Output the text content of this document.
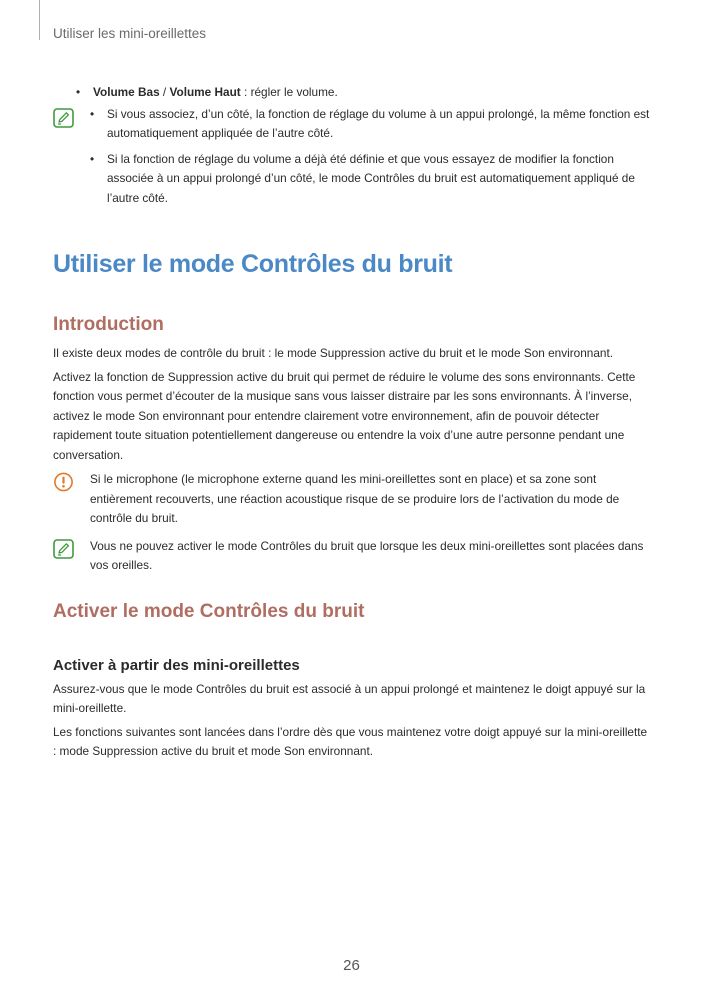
Utiliser les mini-oreillettes

• Volume Bas / Volume Haut : régler le volume.

• Si vous associez, d’un côté, la fonction de réglage du volume à un appui prolongé, la même fonction est automatiquement appliquée de l’autre côté.

• Si la fonction de réglage du volume a déjà été définie et que vous essayez de modifier la fonction associée à un appui prolongé d’un côté, le mode Contrôles du bruit est automatiquement appliqué de l’autre côté.

Utiliser le mode Contrôles du bruit
Introduction

Il existe deux modes de contrôle du bruit : le mode Suppression active du bruit et le mode Son environnant.

Activez la fonction de Suppression active du bruit qui permet de réduire le volume des sons environnants. Cette fonction vous permet d’écouter de la musique sans vous laisser distraire par les sons environnants. À l’inverse, activez le mode Son environnant pour entendre clairement votre environnement, afin de pouvoir détecter rapidement toute situation potentiellement dangereuse ou entendre la voix d’une autre personne pendant une conversation.

Si le microphone (le microphone externe quand les mini-oreillettes sont en place) et sa zone sont entièrement recouverts, une réaction acoustique risque de se produire lors de l’activation du mode de contrôle du bruit.

Vous ne pouvez activer le mode Contrôles du bruit que lorsque les deux mini-oreillettes sont placées dans vos oreilles.

Activer le mode Contrôles du bruit
Activer à partir des mini-oreillettes

Assurez-vous que le mode Contrôles du bruit est associé à un appui prolongé et maintenez le doigt appuyé sur la mini-oreillette.

Les fonctions suivantes sont lancées dans l’ordre dès que vous maintenez votre doigt appuyé sur la mini-oreillette : mode Suppression active du bruit et mode Son environnant.

26
